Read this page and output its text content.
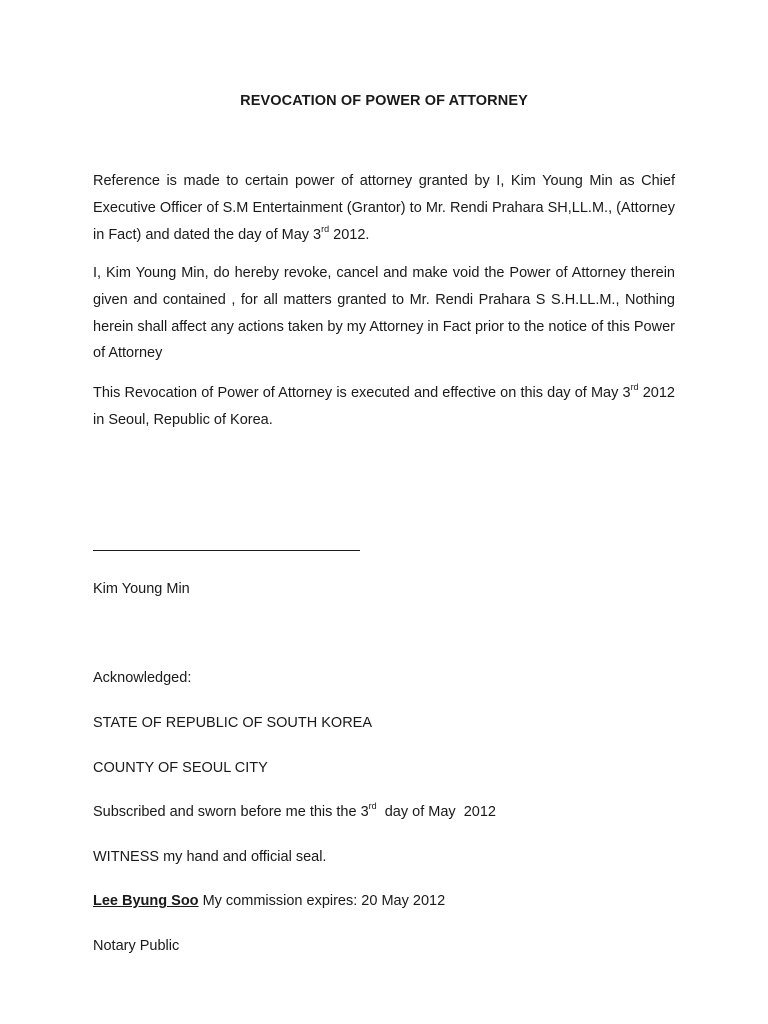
REVOCATION OF POWER OF ATTORNEY

Reference is made to certain power of attorney granted by I, Kim Young Min as Chief Executive Officer of S.M Entertainment (Grantor) to Mr. Rendi Prahara SH,LL.M., (Attorney in Fact) and dated the day of May 3rd 2012.

I, Kim Young Min, do hereby revoke, cancel and make void the Power of Attorney therein given and contained , for all matters granted to Mr. Rendi Prahara S S.H.LL.M., Nothing herein shall affect any actions taken by my Attorney in Fact prior to the notice of this Power of Attorney

This Revocation of Power of Attorney is executed and effective on this day of May 3rd 2012 in Seoul, Republic of Korea.

Kim Young Min

Acknowledged:

STATE OF REPUBLIC OF SOUTH KOREA

COUNTY OF SEOUL CITY

Subscribed and sworn before me this the 3rd  day of May  2012

WITNESS my hand and official seal.

Lee Byung Soo My commission expires: 20 May 2012

Notary Public
